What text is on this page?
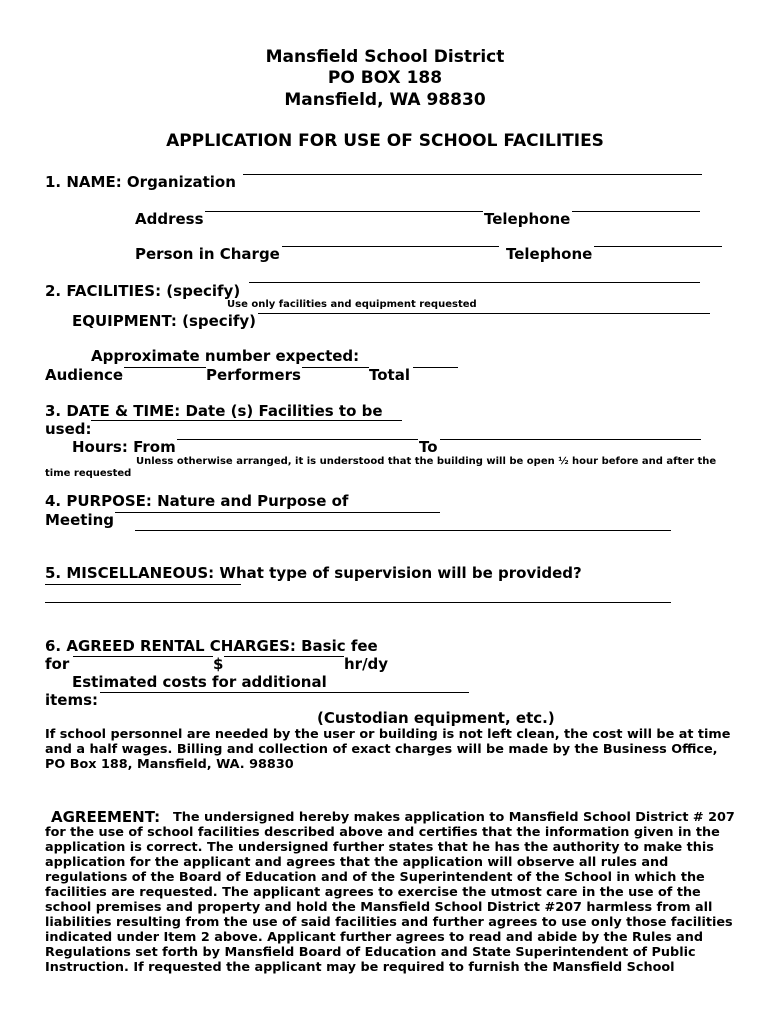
Mansfield School District
PO BOX 188
Mansfield, WA 98830
APPLICATION FOR USE OF SCHOOL FACILITIES
1. NAME: Organization
Address	Telephone
Person in Charge	Telephone
2. FACILITIES: (specify)
Use only facilities and equipment requested
EQUIPMENT: (specify)
Approximate number expected:
Audience	Performers	Total
3. DATE & TIME: Date (s) Facilities to be
used:
Hours: From	To
Unless otherwise arranged, it is understood that the building will be open ½ hour before and after the
time requested
4. PURPOSE: Nature and Purpose of
Meeting
5. MISCELLANEOUS: What type of supervision will be provided?
6. AGREED RENTAL CHARGES: Basic fee
for	$	hr/dy
Estimated costs for additional
items:
(Custodian equipment, etc.)
If school personnel are needed by the user or building is not left clean, the cost will be at time
and a half wages. Billing and collection of exact charges will be made by the Business Office,
PO Box 188, Mansfield, WA. 98830
AGREEMENT: The undersigned hereby makes application to Mansfield School District # 207
for the use of school facilities described above and certifies that the information given in the
application is correct. The undersigned further states that he has the authority to make this
application for the applicant and agrees that the application will observe all rules and
regulations of the Board of Education and of the Superintendent of the School in which the
facilities are requested. The applicant agrees to exercise the utmost care in the use of the
school premises and property and hold the Mansfield School District #207 harmless from all
liabilities resulting from the use of said facilities and further agrees to use only those facilities
indicated under Item 2 above. Applicant further agrees to read and abide by the Rules and
Regulations set forth by Mansfield Board of Education and State Superintendent of Public
Instruction. If requested the applicant may be required to furnish the Mansfield School
